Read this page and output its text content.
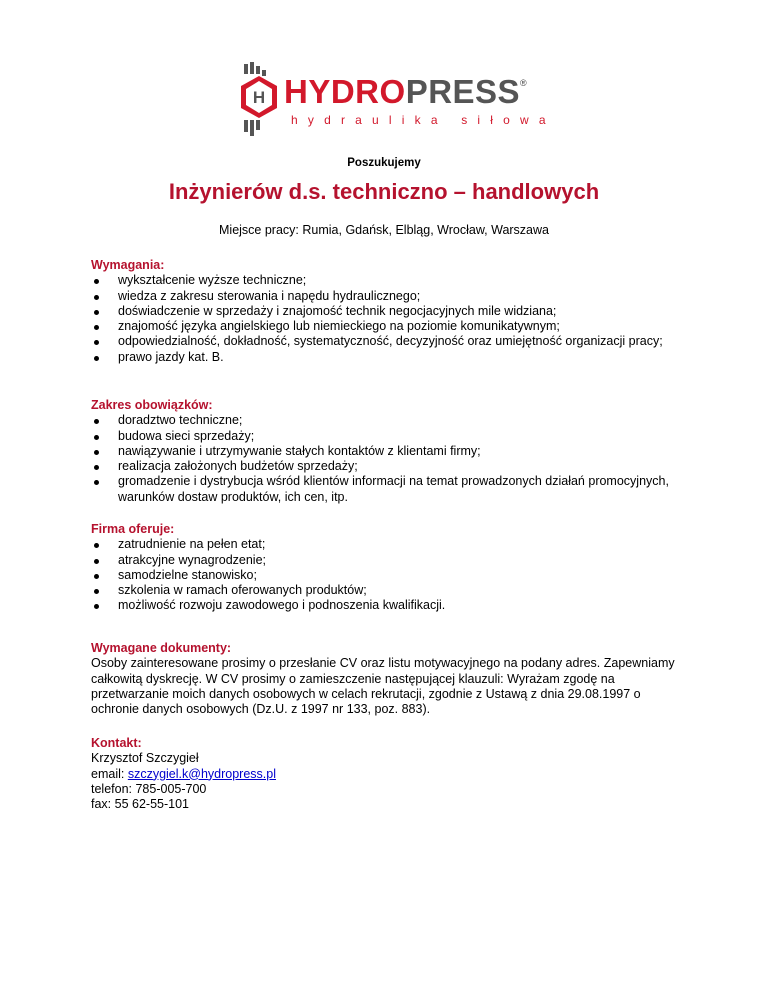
H HYDROPRESS ®
hydraulika siłowa
Poszukujemy
Inżynierów d.s. techniczno – handlowych
Miejsce pracy: Rumia, Gdańsk, Elbląg, Wrocław, Warszawa
Wymagania:
wykształcenie wyższe techniczne;
wiedza z zakresu sterowania i napędu hydraulicznego;
doświadczenie w sprzedaży i znajomość technik negocjacyjnych mile widziana;
znajomość języka angielskiego lub niemieckiego na poziomie komunikatywnym;
odpowiedzialność, dokładność, systematyczność, decyzyjność oraz umiejętność organizacji pracy;
prawo jazdy kat. B.
Zakres obowiązków:
doradztwo techniczne;
budowa sieci sprzedaży;
nawiązywanie i utrzymywanie stałych kontaktów z klientami firmy;
realizacja założonych budżetów sprzedaży;
gromadzenie i dystrybucja wśród klientów informacji na temat prowadzonych działań promocyjnych, warunków dostaw produktów, ich cen, itp.
Firma oferuje:
zatrudnienie na pełen etat;
atrakcyjne wynagrodzenie;
samodzielne stanowisko;
szkolenia w ramach oferowanych produktów;
możliwość rozwoju zawodowego i podnoszenia kwalifikacji.
Wymagane dokumenty:

Osoby zainteresowane prosimy o przesłanie CV oraz listu motywacyjnego na podany adres. Zapewniamy całkowitą dyskrecję. W CV prosimy o zamieszczenie następującej klauzuli: Wyrażam zgodę na przetwarzanie moich danych osobowych w celach rekrutacji, zgodnie z Ustawą z dnia 29.08.1997 o ochronie danych osobowych (Dz.U. z 1997 nr 133, poz. 883).

Kontakt:

Krzysztof Szczygieł

email: szczygiel.k@hydropress.pl

telefon: 785-005-700

fax: 55 62-55-101
